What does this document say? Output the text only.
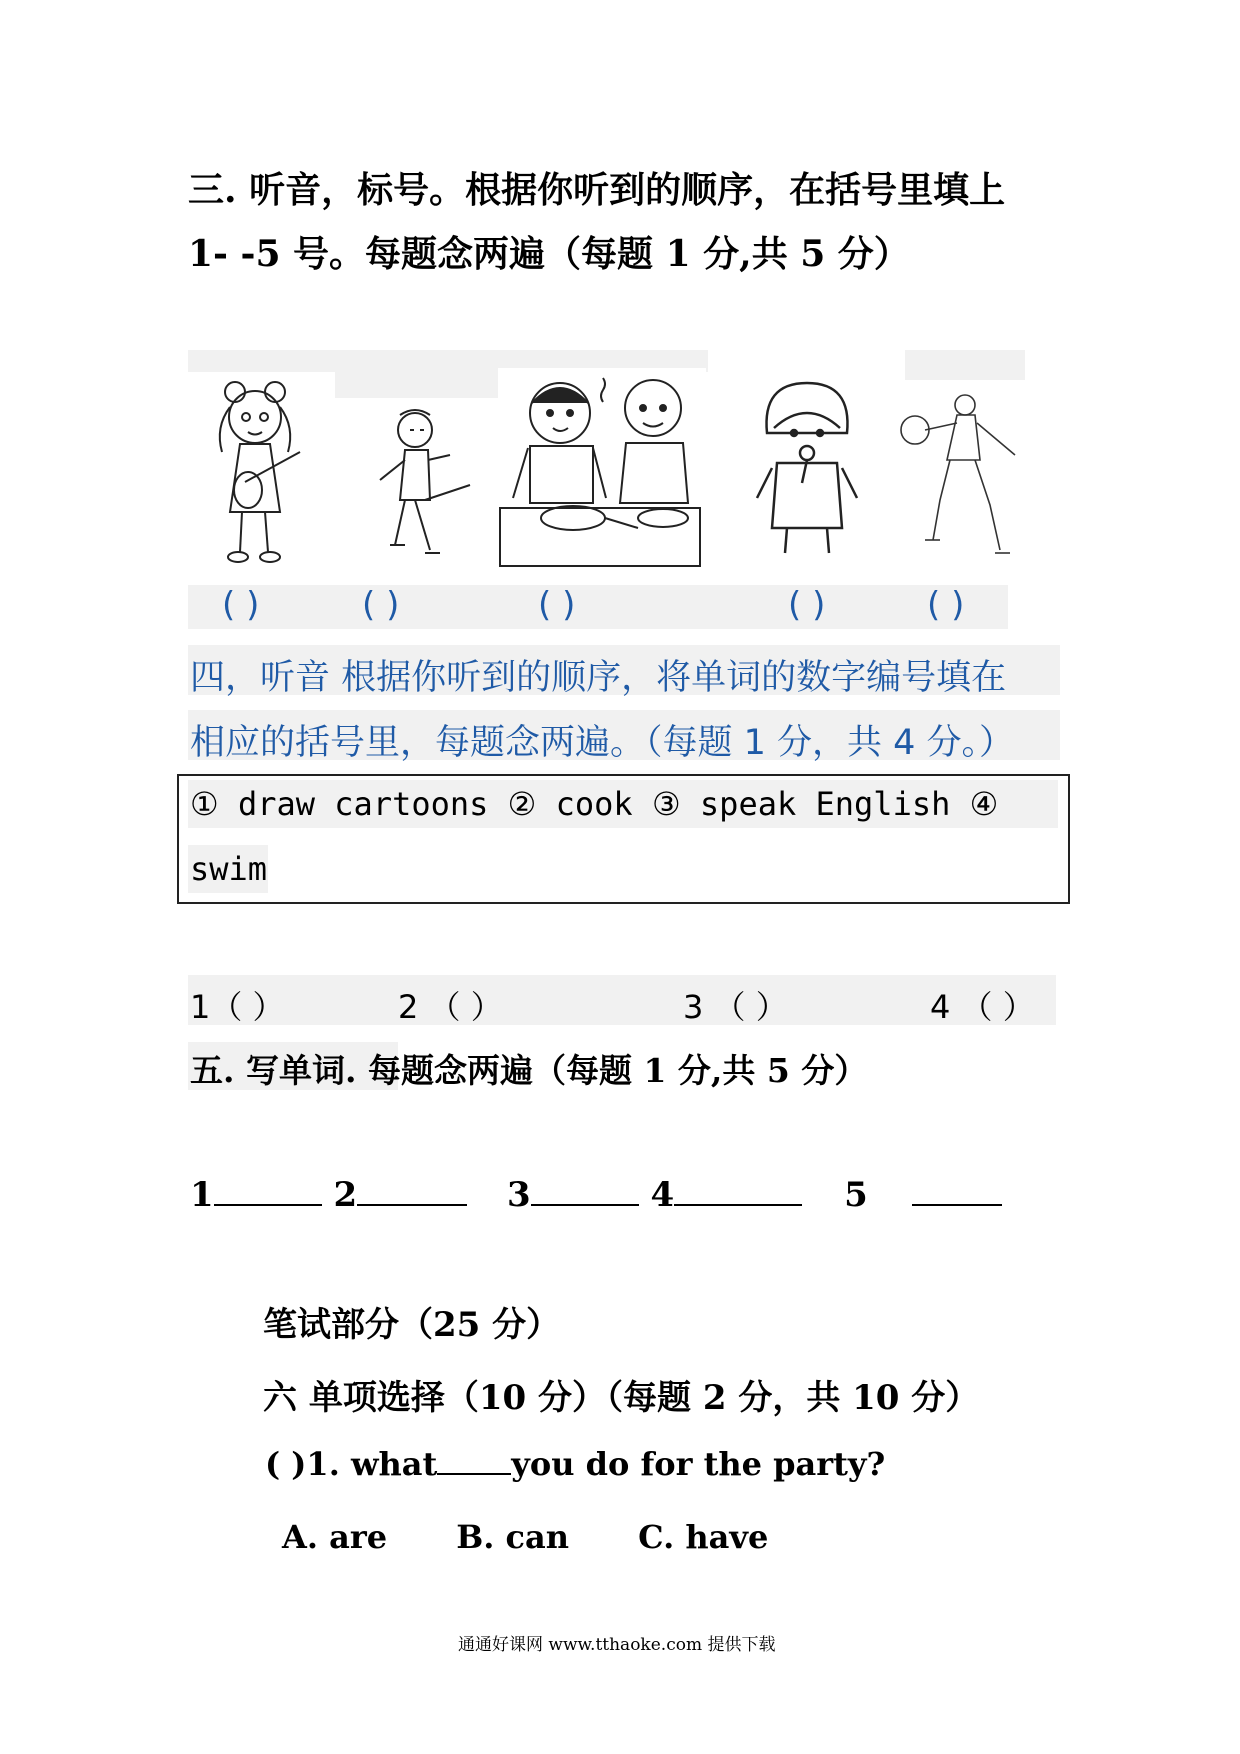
三. 听音，标号。根据你听到的顺序，在括号里填上
1- -5 号。每题念两遍（每题 1 分,共 5 分）
( )	( )	( )	( )	( )
四，听音 根据你听到的顺序，将单词的数字编号填在
相应的括号里，每题念两遍。（每题 1 分，共 4 分。）
① draw cartoons ② cook ③ speak English ④
swim
1（ ）	2 （ ）	3 （ ）	4 （ ）
五. 写单词. 每题念两遍（每题 1 分,共 5 分）
1	2	3	4	5
笔试部分（25 分）
六 单项选择（10 分）（每题 2 分，共 10 分）
( )1. what you do for the party?
A. are B. can C. have
通通好课网 www.tthaoke.com 提供下载
